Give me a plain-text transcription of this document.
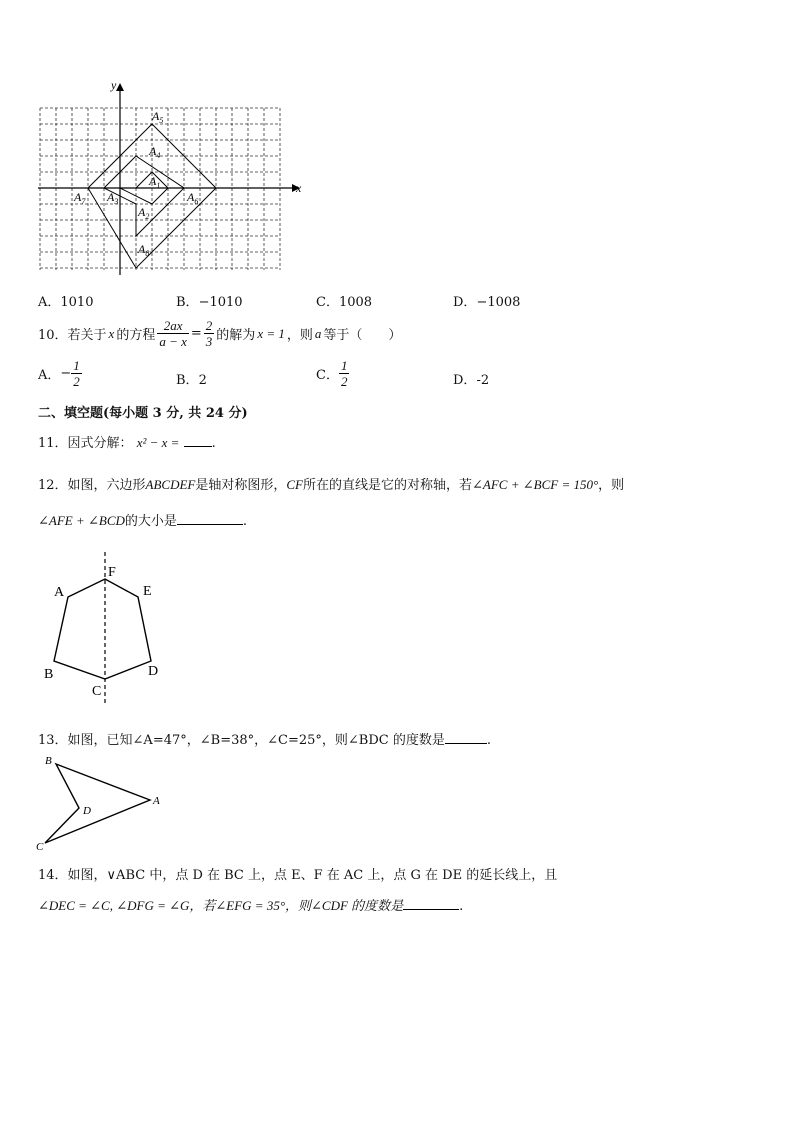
x
y
$A_5$
$A_4$
$A_1$
$A_7$ $A_3$	$A_6$
$A_2$
$A_8$
A．1010	B．−1010	C．1008	D．−1008
10．若关于 x 的方程 $\frac{2ax}{a - x} = \frac{2}{3}$ 的解为 x = 1 ，则 a 等于（　　）
A． − $\frac{1}{2}$	B．2	C． $\frac{1}{2}$	D．-2
二、填空题(每小题 3 分, 共 24 分)
11．因式分解： x² − x = .
12．如图，六边形ABCDEF是轴对称图形，CF所在的直线是它的对称轴，若∠AFC + ∠BCF = 150°，则
∠AFE + ∠BCD的大小是	.
A
F
E
B
C
D
13．如图，已知∠A=47°，∠B=38°，∠C=25°，则∠BDC 的度数是	.
B
D
A
C
14．如图，∨ABC 中，点 D 在 BC 上，点 E、F 在 AC 上，点 G 在 DE 的延长线上，且
∠DEC = ∠C, ∠DFG = ∠G，若∠EFG = 35°，则∠CDF 的度数是	.
